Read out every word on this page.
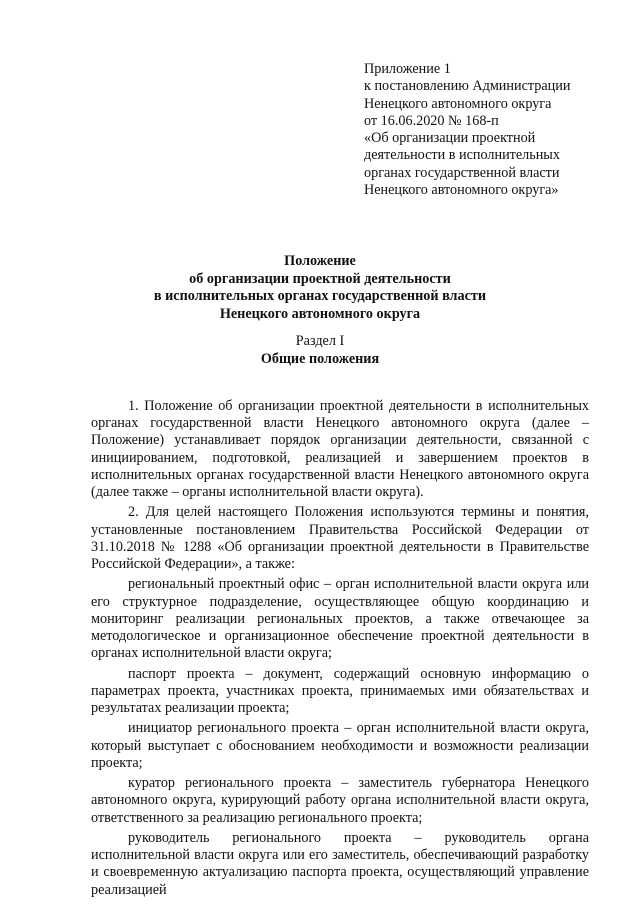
Приложение 1
к постановлению Администрации
Ненецкого автономного округа
от 16.06.2020 № 168-п
«Об организации проектной
деятельности в исполнительных
органах государственной власти
Ненецкого автономного округа»
Положение
об организации проектной деятельности
в исполнительных органах государственной власти
Ненецкого автономного округа
Раздел I
Общие положения

1. Положение об организации проектной деятельности в исполнительных органах государственной власти Ненецкого автономного округа (далее – Положение) устанавливает порядок организации деятельности, связанной с инициированием, подготовкой, реализацией и завершением проектов в исполнительных органах государственной власти Ненецкого автономного округа (далее также – органы исполнительной власти округа).

2. Для целей настоящего Положения используются термины и понятия, установленные постановлением Правительства Российской Федерации от 31.10.2018 № 1288 «Об организации проектной деятельности в Правительстве Российской Федерации», а также:

региональный проектный офис – орган исполнительной власти округа или его структурное подразделение, осуществляющее общую координацию и мониторинг реализации региональных проектов, а также отвечающее за методологическое и организационное обеспечение проектной деятельности в органах исполнительной власти округа;

паспорт проекта – документ, содержащий основную информацию о параметрах проекта, участниках проекта, принимаемых ими обязательствах и результатах реализации проекта;

инициатор регионального проекта – орган исполнительной власти округа, который выступает с обоснованием необходимости и возможности реализации проекта;

куратор регионального проекта – заместитель губернатора Ненецкого автономного округа, курирующий работу органа исполнительной власти округа, ответственного за реализацию регионального проекта;

руководитель регионального проекта – руководитель органа исполнительной власти округа или его заместитель, обеспечивающий разработку и своевременную актуализацию паспорта проекта, осуществляющий управление реализацией
